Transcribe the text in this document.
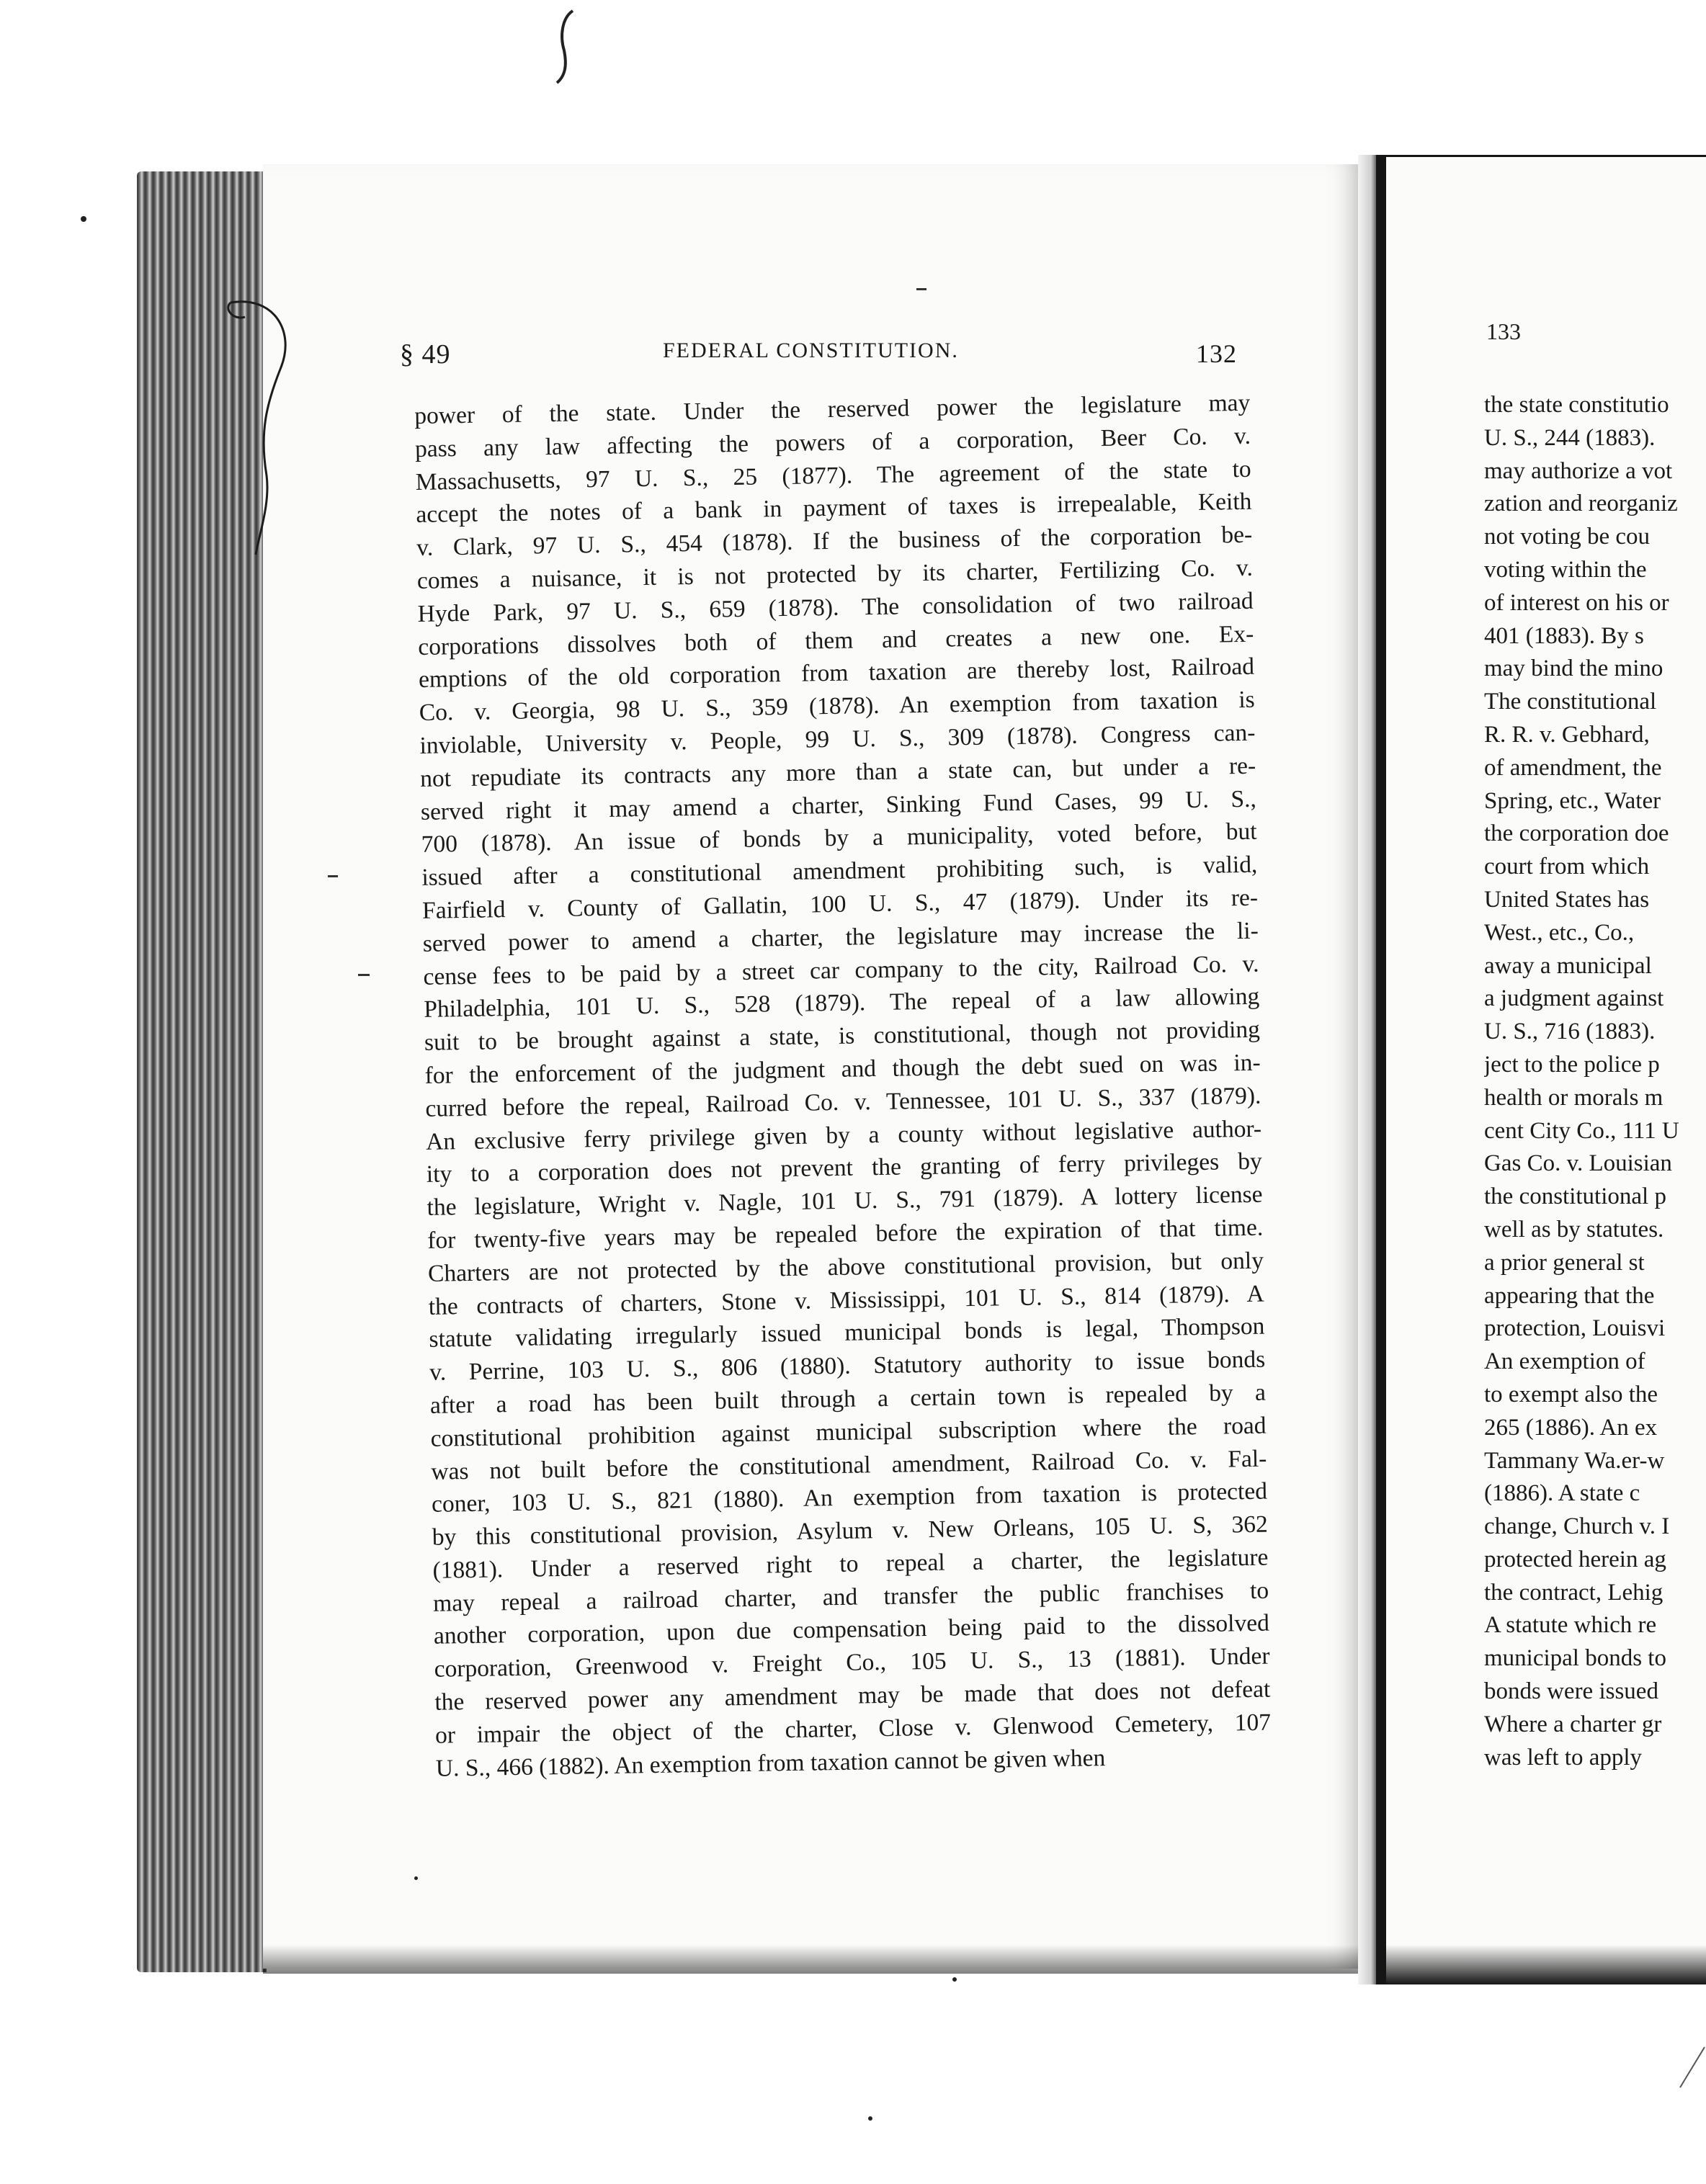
§ 49	FEDERAL CONSTITUTION.	132
133
power of the state. Under the reserved power the legislature may
pass any law affecting the powers of a corporation, Beer Co. v.
Massachusetts, 97 U. S., 25 (1877). The agreement of the state to
accept the notes of a bank in payment of taxes is irrepealable, Keith
v. Clark, 97 U. S., 454 (1878). If the business of the corporation be-
comes a nuisance, it is not protected by its charter, Fertilizing Co. v.
Hyde Park, 97 U. S., 659 (1878). The consolidation of two railroad
corporations dissolves both of them and creates a new one. Ex-
emptions of the old corporation from taxation are thereby lost, Railroad
Co. v. Georgia, 98 U. S., 359 (1878). An exemption from taxation is
inviolable, University v. People, 99 U. S., 309 (1878). Congress can-
not repudiate its contracts any more than a state can, but under a re-
served right it may amend a charter, Sinking Fund Cases, 99 U. S.,
700 (1878). An issue of bonds by a municipality, voted before, but
issued after a constitutional amendment prohibiting such, is valid,
Fairfield v. County of Gallatin, 100 U. S., 47 (1879). Under its re-
served power to amend a charter, the legislature may increase the li-
cense fees to be paid by a street car company to the city, Railroad Co. v.
Philadelphia, 101 U. S., 528 (1879). The repeal of a law allowing
suit to be brought against a state, is constitutional, though not providing
for the enforcement of the judgment and though the debt sued on was in-
curred before the repeal, Railroad Co. v. Tennessee, 101 U. S., 337 (1879).
An exclusive ferry privilege given by a county without legislative author-
ity to a corporation does not prevent the granting of ferry privileges by
the legislature, Wright v. Nagle, 101 U. S., 791 (1879). A lottery license
for twenty-five years may be repealed before the expiration of that time.
Charters are not protected by the above constitutional provision, but only
the contracts of charters, Stone v. Mississippi, 101 U. S., 814 (1879). A
statute validating irregularly issued municipal bonds is legal, Thompson
v. Perrine, 103 U. S., 806 (1880). Statutory authority to issue bonds
after a road has been built through a certain town is repealed by a
constitutional prohibition against municipal subscription where the road
was not built before the constitutional amendment, Railroad Co. v. Fal-
coner, 103 U. S., 821 (1880). An exemption from taxation is protected
by this constitutional provision, Asylum v. New Orleans, 105 U. S, 362
(1881). Under a reserved right to repeal a charter, the legislature
may repeal a railroad charter, and transfer the public franchises to
another corporation, upon due compensation being paid to the dissolved
corporation, Greenwood v. Freight Co., 105 U. S., 13 (1881). Under
the reserved power any amendment may be made that does not defeat
or impair the object of the charter, Close v. Glenwood Cemetery, 107
U. S., 466 (1882). An exemption from taxation cannot be given when
the state constitutio
U. S., 244 (1883).
may authorize a vot
zation and reorganiz
not voting be cou
voting within the
of interest on his or
401 (1883). By s
may bind the mino
The constitutional
R. R. v. Gebhard,
of amendment, the
Spring, etc., Water
the corporation doe
court from which
United States has
West., etc., Co.,
away a municipal
a judgment against
U. S., 716 (1883).
ject to the police p
health or morals m
cent City Co., 111 U
Gas Co. v. Louisian
the constitutional p
well as by statutes.
a prior general st
appearing that the
protection, Louisvi
An exemption of
to exempt also the
265 (1886). An ex
Tammany Wa.er-w
(1886). A state c
change, Church v. I
protected herein ag
the contract, Lehig
A statute which re
municipal bonds to
bonds were issued
Where a charter gr
was left to apply
